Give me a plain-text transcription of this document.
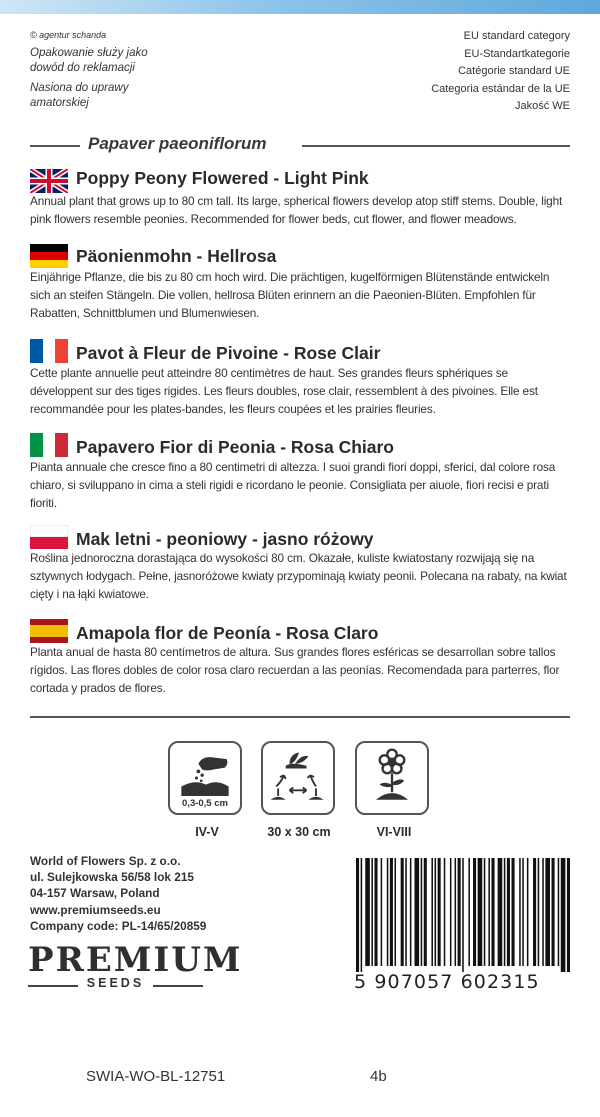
© agentur schanda
Opakowanie służy jako
dowód do reklamacji
Nasiona do uprawy
amatorskiej
EU standard category
EU-Standartkategorie
Catégorie standard UE
Categoria estándar de la UE
Jakość WE
Papaver paeoniflorum
Poppy Peony Flowered - Light Pink

Annual plant that grows up to 80 cm tall. Its large, spherical flowers develop atop stiff stems. Double, light pink flowers resemble peonies. Recommended for flower beds, cut flower, and flower meadows.

Päonienmohn - Hellrosa

Einjährige Pflanze, die bis zu 80 cm hoch wird. Die prächtigen, kugelförmigen Blütenstände entwickeln sich an steifen Stängeln. Die vollen, hellrosa Blüten erinnern an die Paeonien-Blüten. Empfohlen für Rabatten, Schnittblumen und Blumenwiesen.

Pavot à Fleur de Pivoine - Rose Clair

Cette plante annuelle peut atteindre 80 centimètres de haut. Ses grandes fleurs sphériques se développent sur des tiges rigides. Les fleurs doubles, rose clair, ressemblent à des pivoines. Elle est recommandée pour les plates-bandes, les fleurs coupées et les prairies fleuries.

Papavero Fior di Peonia - Rosa Chiaro

Pianta annuale che cresce fino a 80 centimetri di altezza. I suoi grandi fiori doppi, sferici, dal colore rosa chiaro, si sviluppano in cima a steli rigidi e ricordano le peonie. Consigliata per aiuole, fiori recisi e prati fioriti.

Mak letni - peoniowy - jasno różowy

Roślina jednoroczna dorastająca do wysokości 80 cm. Okazałe, kuliste kwiatostany rozwijają się na sztywnych łodygach. Pełne, jasnoróżowe kwiaty przypominają kwiaty peonii. Polecana na rabaty, na kwiat cięty i na łąki kwiatowe.

Amapola flor de Peonía - Rosa Claro

Planta anual de hasta 80 centímetros de altura. Sus grandes flores esféricas se desarrollan sobre tallos rígidos. Las flores dobles de color rosa claro recuerdan a las peonías. Recomendada para parterres, flor cortada y prados de flores.

0,3-0,5 cm
IV-V	30 x 30 cm	VI-VIII
World of Flowers Sp. z o.o.
ul. Sulejkowska 56/58 lok 215
04-157 Warsaw, Poland
www.premiumseeds.eu
Company code: PL-14/65/20859
PREMIUM
SEEDS	5 907057 602315
SWIA-WO-BL-12751	4b
